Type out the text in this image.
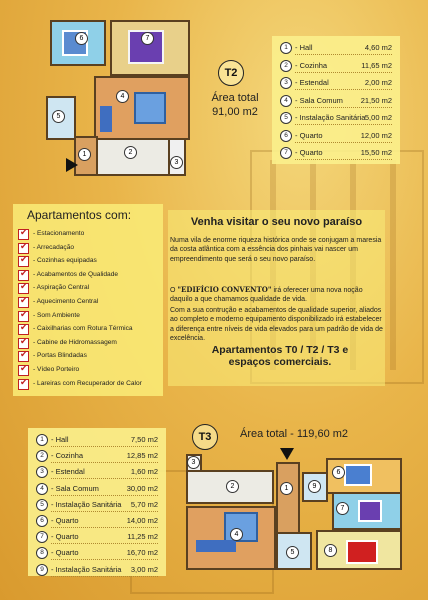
6	7
5
4
2
1
3
T2
Área total
91,00 m2
1 - Hall	4,60 m2
2 - Cozinha	11,65 m2
3 - Estendal	2,00 m2
4 - Sala Comum 21,50 m2
5 - Instalação Sanitária 5,00 m2
6 - Quarto	12,00 m2
7 - Quarto	15,50 m2
Apartamentos com:
✔
- Estacionamento
✔
- Arrecadação
✔
- Cozinhas equipadas
✔
- Acabamentos de Qualidade
✔
- Aspiração Central
✔
- Aquecimento Central
✔
- Som Ambiente
✔
- Caixilharias com Rotura Térmica
✔
- Cabine de Hidromassagem
✔
- Portas Blindadas
✔
- Vídeo Porteiro
✔
- Lareiras com Recuperador de Calor
Venha visitar o seu novo paraíso
Numa vila de enorme riqueza histórica onde se conjugam a maresia da costa atlântica com a essência dos pinhais vai nascer um empreendimento que será o seu novo paraíso.
O "EDIFÍCIO CONVENTO" irá oferecer uma nova noção daquilo a que chamamos qualidade de vida.
Com a sua contrução e acabamentos de qualidade superior, aliados ao completo e moderno equipamento disponibilizado irá estabelecer a diferença entre níveis de vida elevados para um padrão de vida de excelência.
Apartamentos T0 / T2 / T3 e espaços comerciais.
1 - Hall	7,50 m2
2 - Cozinha	12,85 m2
3 - Estendal	1,60 m2
4 - Sala Comum	30,00 m2
5 - Instalação Sanitária 5,70 m2
6 - Quarto	14,00 m2
7 - Quarto	11,25 m2
8 - Quarto	16,70 m2
9 - Instalação Sanitária 3,00 m2
T3	Área total - 119,60 m2
2
3
1
4
5
9
6
7
8
